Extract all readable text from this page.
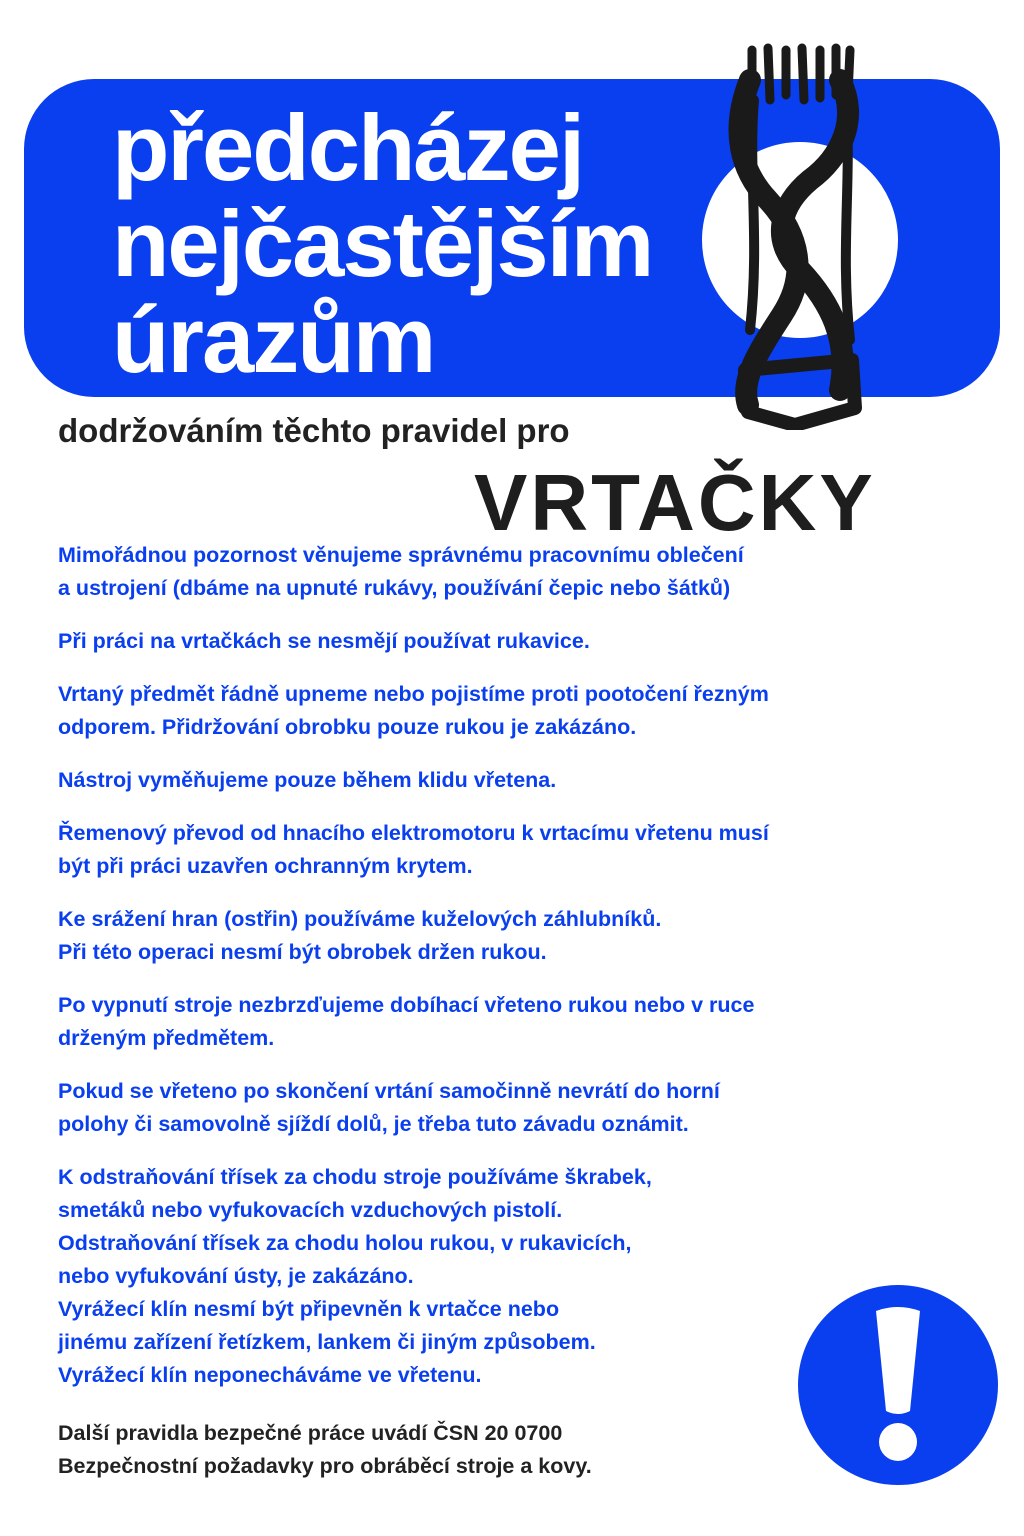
předcházej
nejčastějším
úrazům

dodržováním těchto pravidel pro

VRTAČKY

Mimořádnou pozornost věnujeme správnému pracovnímu oblečení
a ustrojení (dbáme na upnuté rukávy, používání čepic nebo šátků)
Při práci na vrtačkách se nesmějí používat rukavice.
Vrtaný předmět řádně upneme nebo pojistíme proti pootočení řezným
odporem. Přidržování obrobku pouze rukou je zakázáno.
Nástroj vyměňujeme pouze během klidu vřetena.
Řemenový převod od hnacího elektromotoru k vrtacímu vřetenu musí
být při práci uzavřen ochranným krytem.
Ke srážení hran (ostřin) používáme kuželových záhlubníků.
Při této operaci nesmí být obrobek držen rukou.
Po vypnutí stroje nezbrzďujeme dobíhací vřeteno rukou nebo v ruce
drženým předmětem.
Pokud se vřeteno po skončení vrtání samočinně nevrátí do horní
polohy či samovolně sjíždí dolů, je třeba tuto závadu oznámit.
K odstraňování třísek za chodu stroje používáme škrabek,
smetáků nebo vyfukovacích vzduchových pistolí.
Odstraňování třísek za chodu holou rukou, v rukavicích,
nebo vyfukování ústy, je zakázáno.
Vyrážecí klín nesmí být připevněn k vrtačce nebo
jinému zařízení řetízkem, lankem či jiným způsobem.
Vyrážecí klín neponecháváme ve vřetenu.

Další pravidla bezpečné práce uvádí ČSN 20 0700
Bezpečnostní požadavky pro obráběcí stroje a kovy.
